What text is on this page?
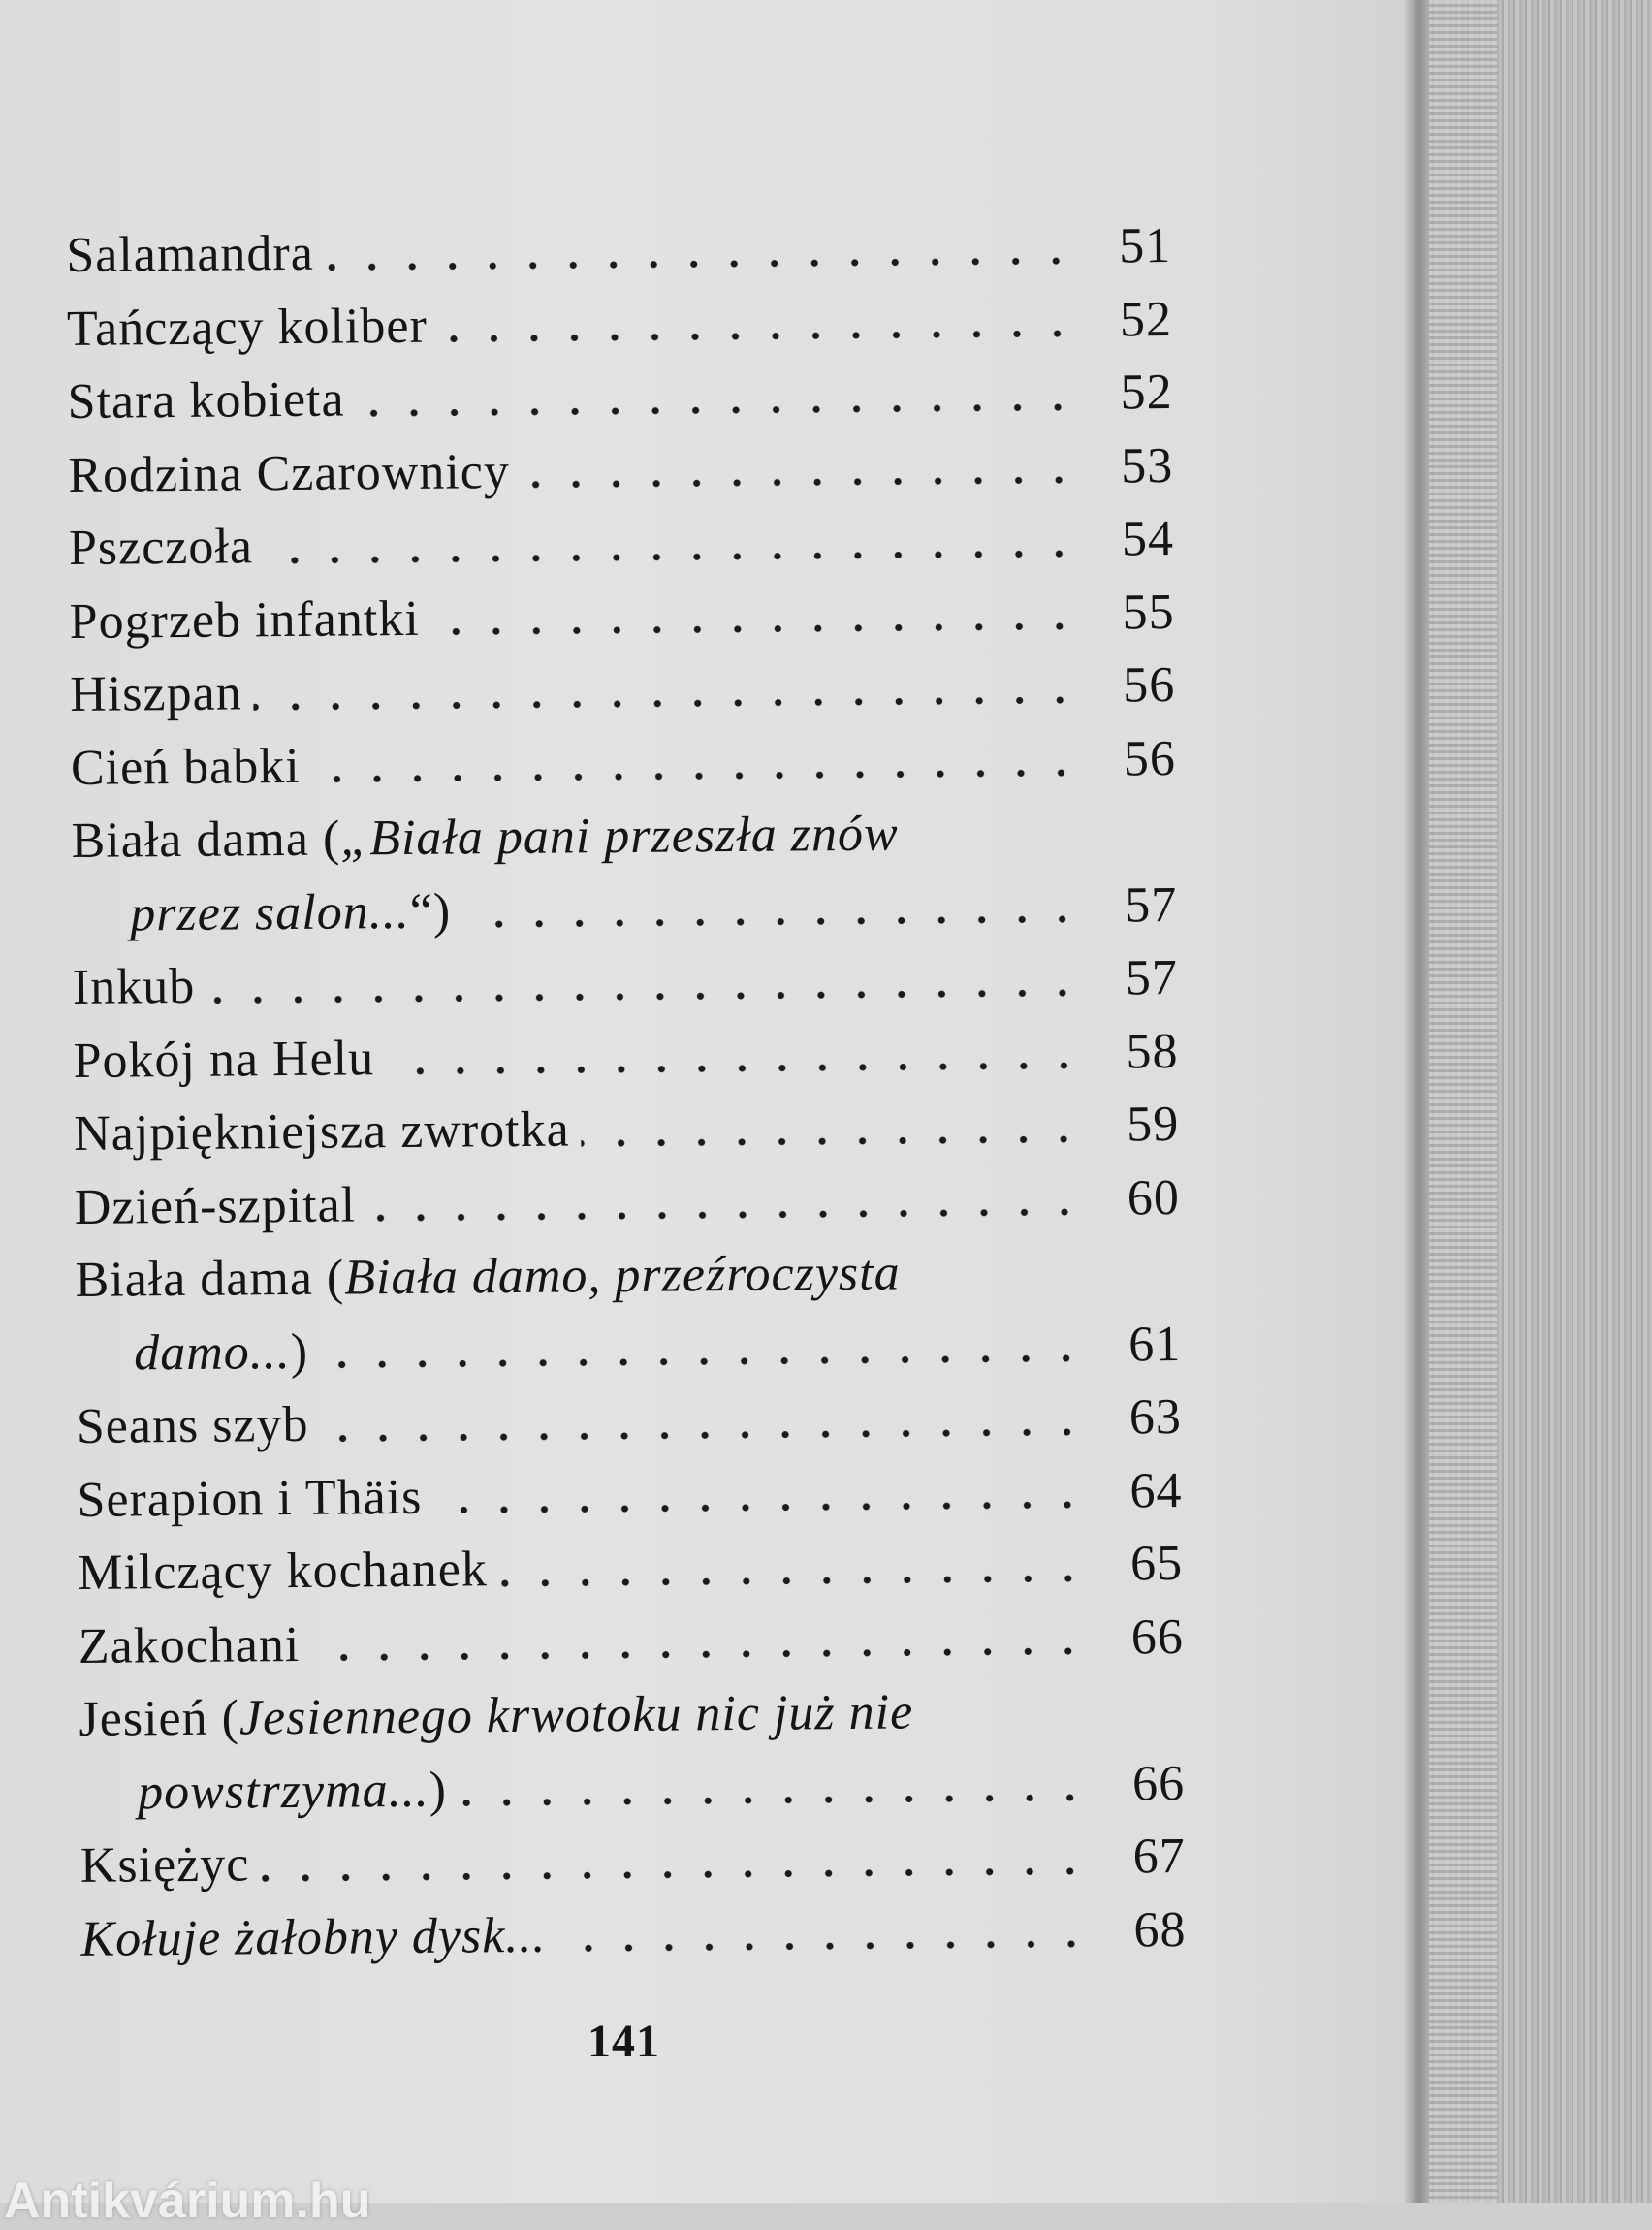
Salamandra	51
Tańczący koliber	52
Stara kobieta	52
Rodzina Czarownicy	53
Pszczoła	54
Pogrzeb infantki	55
Hiszpan	56
Cień babki	56
Biała dama („Biała pani przeszła znów
przez salon...“)	57
Inkub	57
Pokój na Helu	58
Najpiękniejsza zwrotka	59
Dzień-szpital	60
Biała dama (Biała damo, przeźroczysta
damo...)	61
Seans szyb	63
Serapion i Thäis	64
Milczący kochanek	65
Zakochani	66
Jesień (Jesiennego krwotoku nic już nie
powstrzyma...)	66
Księżyc	67
Kołuje żałobny dysk...	68
141
Antikvárium.hu
